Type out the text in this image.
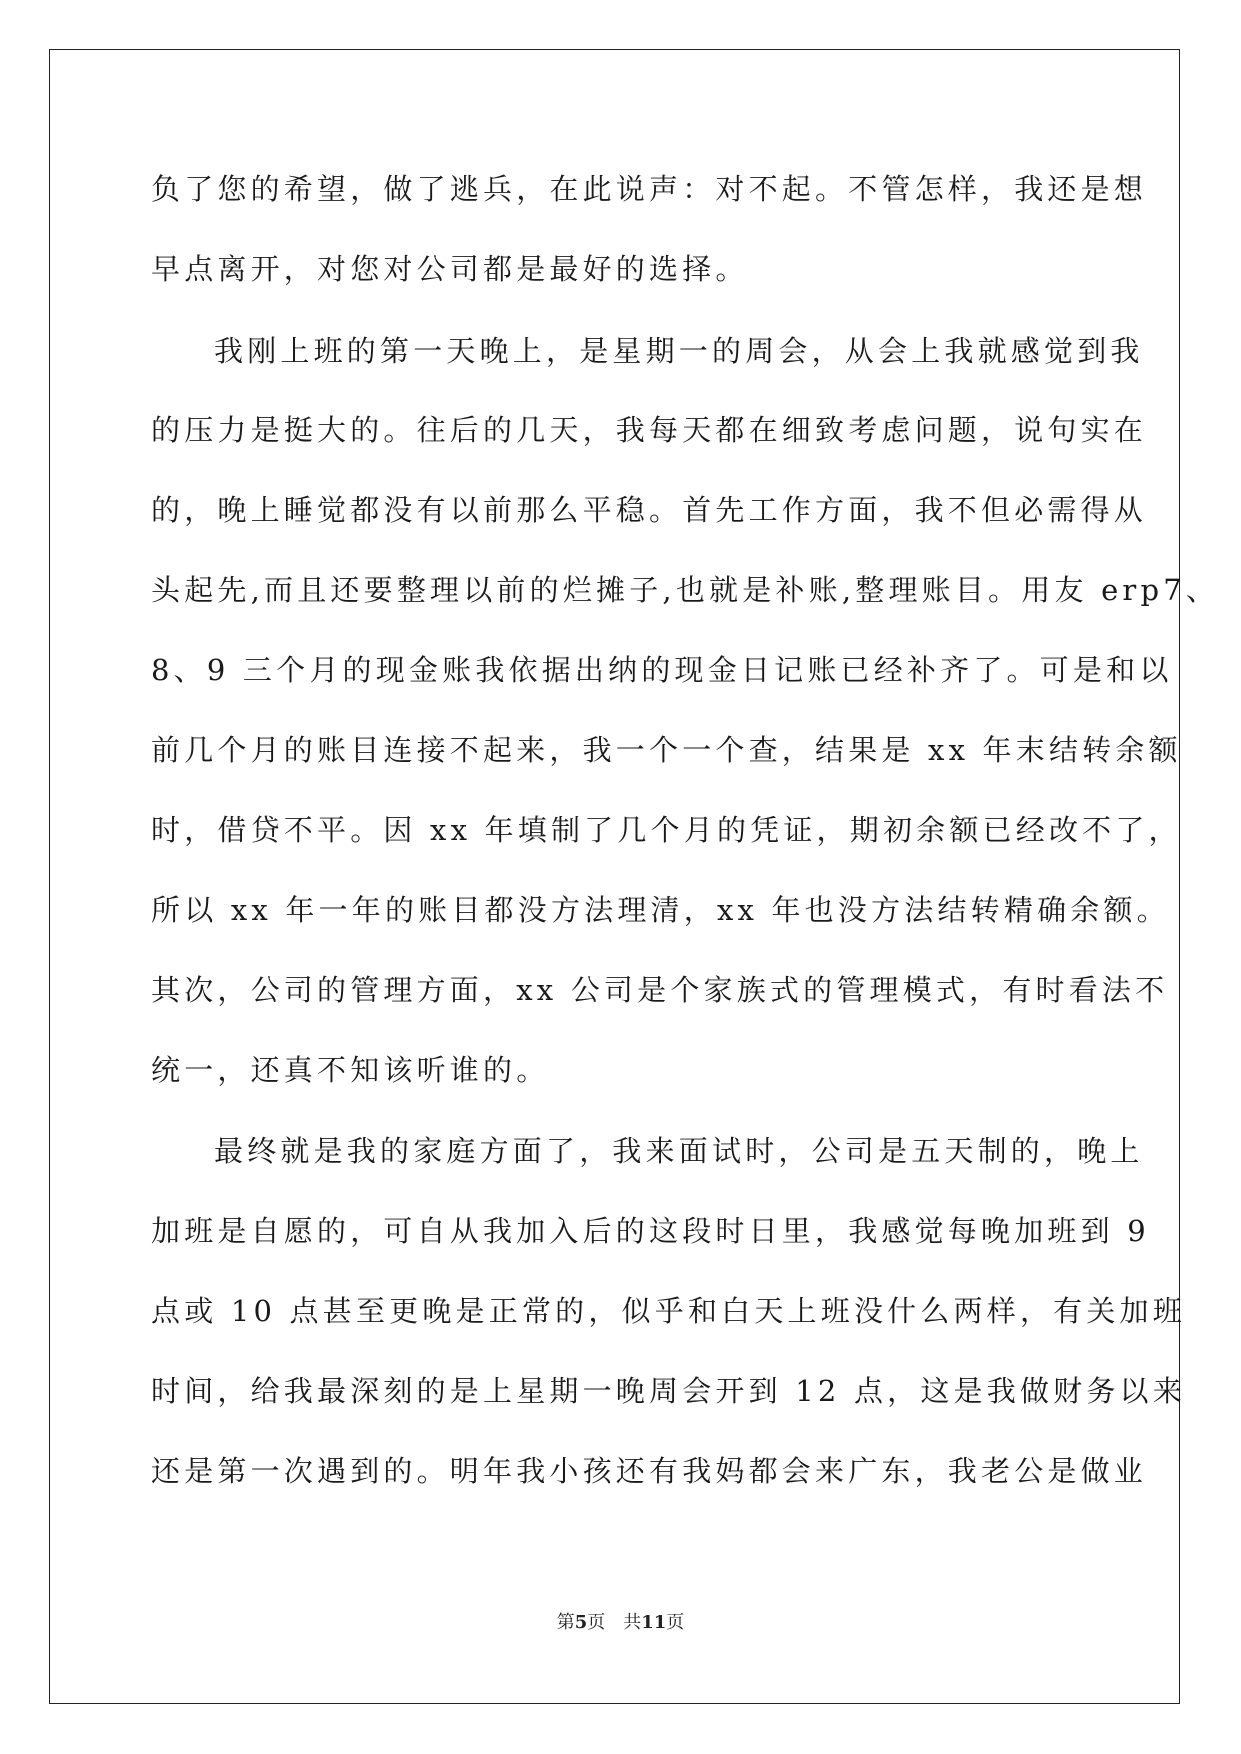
负了您的希望，做了逃兵，在此说声：对不起。不管怎样，我还是想
早点离开，对您对公司都是最好的选择。
我刚上班的第一天晚上，是星期一的周会，从会上我就感觉到我
的压力是挺大的。往后的几天，我每天都在细致考虑问题，说句实在
的，晚上睡觉都没有以前那么平稳。首先工作方面，我不但必需得从
头起先,而且还要整理以前的烂摊子,也就是补账,整理账目。用友 erp7、
8、9 三个月的现金账我依据出纳的现金日记账已经补齐了。可是和以
前几个月的账目连接不起来，我一个一个查，结果是 xx 年末结转余额
时，借贷不平。因 xx 年填制了几个月的凭证，期初余额已经改不了，
所以 xx 年一年的账目都没方法理清，xx 年也没方法结转精确余额。
其次，公司的管理方面，xx 公司是个家族式的管理模式，有时看法不
统一，还真不知该听谁的。
最终就是我的家庭方面了，我来面试时，公司是五天制的，晚上
加班是自愿的，可自从我加入后的这段时日里，我感觉每晚加班到 9
点或 10 点甚至更晚是正常的，似乎和白天上班没什么两样，有关加班
时间，给我最深刻的是上星期一晚周会开到 12 点，这是我做财务以来
还是第一次遇到的。明年我小孩还有我妈都会来广东，我老公是做业
第5页 共11页
